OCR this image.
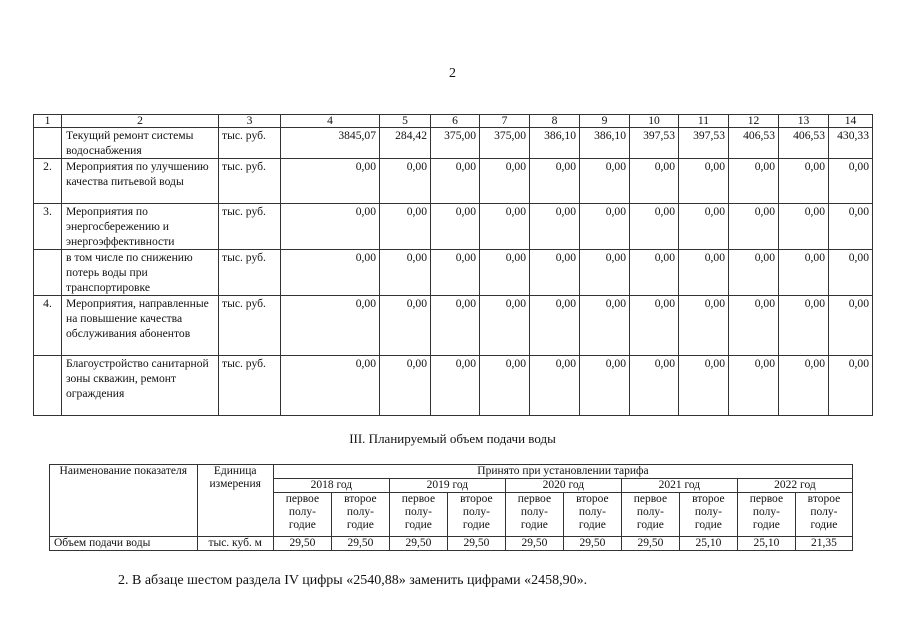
2
1	2	3	4	5	6	7	8	9	10	11	12	13	14
	Текущий ремонт системы водоснабжения	тыс. руб.	3845,07	284,42	375,00	375,00	386,10	386,10	397,53	397,53	406,53	406,53	430,33
2.	Мероприятия по улучшению качества питьевой воды	тыс. руб.	0,00	0,00	0,00	0,00	0,00	0,00	0,00	0,00	0,00	0,00	0,00
3.	Мероприятия по энергосбережению и энергоэффективности	тыс. руб.	0,00	0,00	0,00	0,00	0,00	0,00	0,00	0,00	0,00	0,00	0,00
	в том числе по снижению потерь воды при транспортировке	тыс. руб.	0,00	0,00	0,00	0,00	0,00	0,00	0,00	0,00	0,00	0,00	0,00
4.	Мероприятия, направленные на повышение качества обслуживания абонентов	тыс. руб.	0,00	0,00	0,00	0,00	0,00	0,00	0,00	0,00	0,00	0,00	0,00
	Благоустройство санитарной зоны скважин, ремонт ограждения	тыс. руб.	0,00	0,00	0,00	0,00	0,00	0,00	0,00	0,00	0,00	0,00	0,00
III. Планируемый объем подачи воды
Наименование показателя	Единица измерения	Принято при установлении тарифа									
		2018 год		2019 год		2020 год		2021 год		2022 год	
		первое полу-годие	второе полу-годие	первое полу-годие	второе полу-годие	первое полу-годие	второе полу-годие	первое полу-годие	второе полу-годие	первое полу-годие	второе полу-годие
Объем подачи воды	тыс. куб. м	29,50	29,50	29,50	29,50	29,50	29,50	29,50	25,10	25,10	21,35
2. В абзаце шестом раздела IV цифры «2540,88» заменить цифрами «2458,90».
